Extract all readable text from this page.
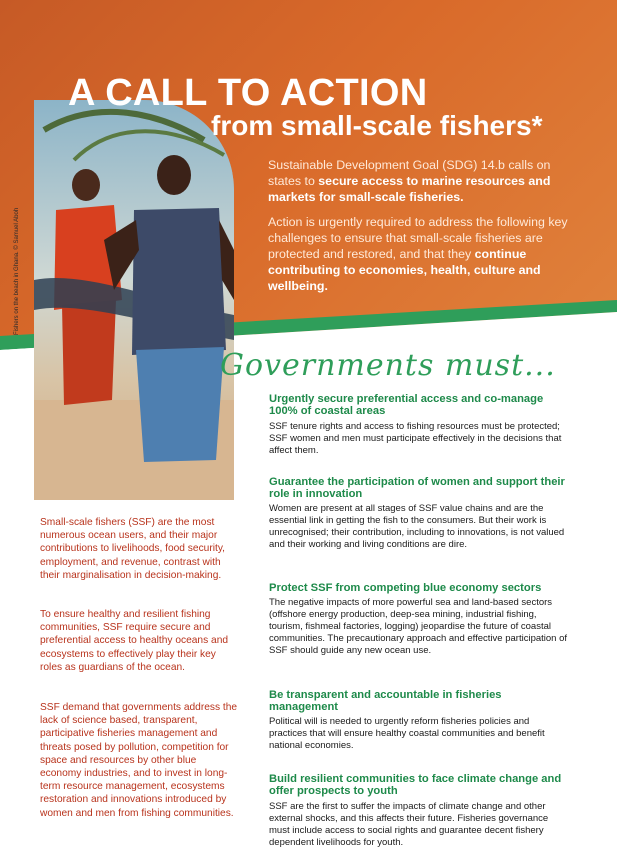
Fishers on the beach in Ghana. © Samuel Aboh
A CALL TO ACTION
from small-scale fishers*

Sustainable Development Goal (SDG) 14.b calls on states to secure access to marine resources and markets for small-scale fisheries.

Action is urgently required to address the following key challenges to ensure that small-scale fisheries are protected and restored, and that they continue contributing to economies, health, culture and wellbeing.

Governments must...
Urgently secure preferential access and co-manage 100% of coastal areas

SSF tenure rights and access to fishing resources must be protected; SSF women and men must participate effectively in the decisions that affect them.

Guarantee the participation of women and support their role in innovation

Women are present at all stages of SSF value chains and are the essential link in getting the fish to the consumers. But their work is unrecognised; their contribution, including to innovations, is not valued and their working and living conditions are dire.

Protect SSF from competing blue economy sectors

The negative impacts of more powerful sea and land-based sectors (offshore energy production, deep-sea mining, industrial fishing, tourism, fishmeal factories, logging) jeopardise the future of coastal communities. The precautionary approach and effective participation of SSF should guide any new ocean use.

Be transparent and accountable in fisheries management

Political will is needed to urgently reform fisheries policies and practices that will ensure healthy coastal communities and benefit national economies.

Build resilient communities to face climate change and offer prospects to youth

SSF are the first to suffer the impacts of climate change and other external shocks, and this affects their future. Fisheries governance must include access to social rights and guarantee decent fishery dependent livelihoods for youth.

Small-scale fishers (SSF) are the most numerous ocean users, and their major contributions to livelihoods, food security, employment, and revenue, contrast with their marginalisation in decision-making.

To ensure healthy and resilient fishing communities, SSF require secure and preferential access to healthy oceans and ecosystems to effectively play their key roles as guardians of the ocean.

SSF demand that governments address the lack of science based, transparent, participative fisheries management and threats posed by pollution, competition for space and resources by other blue economy industries, and to invest in long-term resource management, ecosystems restoration and innovations introduced by women and men from fishing communities.
